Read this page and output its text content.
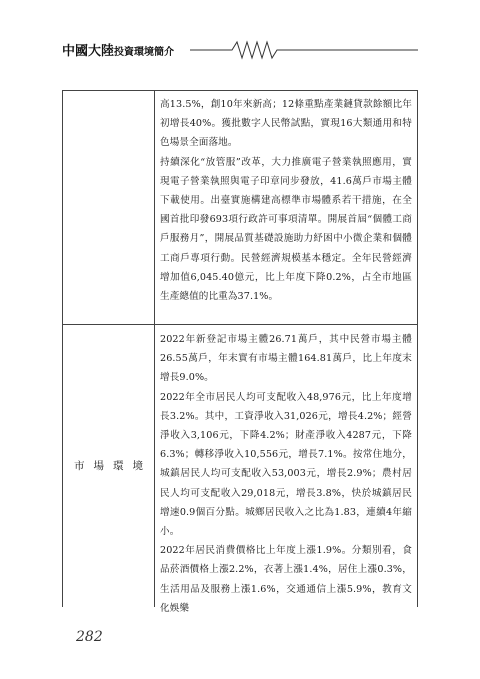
中國大陸投資環境簡介

高13.5%，創10年來新高；12條重點產業鏈貸款餘額比年初增長40%。獲批數字人民幣試點，實現16大類通用和特色場景全面落地。

持續深化“放管服”改革，大力推廣電子營業執照應用，實現電子營業執照與電子印章同步發放，41.6萬戶市場主體下載使用。出臺實施構建高標準市場體系若干措施，在全國首批印發693項行政許可事項清單。開展首屆“個體工商戶服務月”，開展品質基礎設施助力紓困中小微企業和個體工商戶專項行動。民營經濟規模基本穩定。全年民營經濟增加值6,045.40億元，比上年度下降0.2%，占全市地區生產總值的比重為37.1%。

市場環境

2022年新登記市場主體26.71萬戶，其中民營市場主體26.55萬戶，年末實有市場主體164.81萬戶，比上年度末增長9.0%。

2022年全市居民人均可支配收入48,976元，比上年度增長3.2%。其中，工資淨收入31,026元，增長4.2%；經營淨收入3,106元，下降4.2%；財產淨收入4287元，下降6.3%；轉移淨收入10,556元，增長7.1%。按常住地分，城鎮居民人均可支配收入53,003元，增長2.9%；農村居民人均可支配收入29,018元，增長3.8%，快於城鎮居民增速0.9個百分點。城鄉居民收入之比為1.83，連續4年縮小。

2022年居民消費價格比上年度上漲1.9%。分類別看，食品菸酒價格上漲2.2%，衣著上漲1.4%，居住上漲0.3%，生活用品及服務上漲1.6%，交通通信上漲5.9%，教育文化娛樂

282
